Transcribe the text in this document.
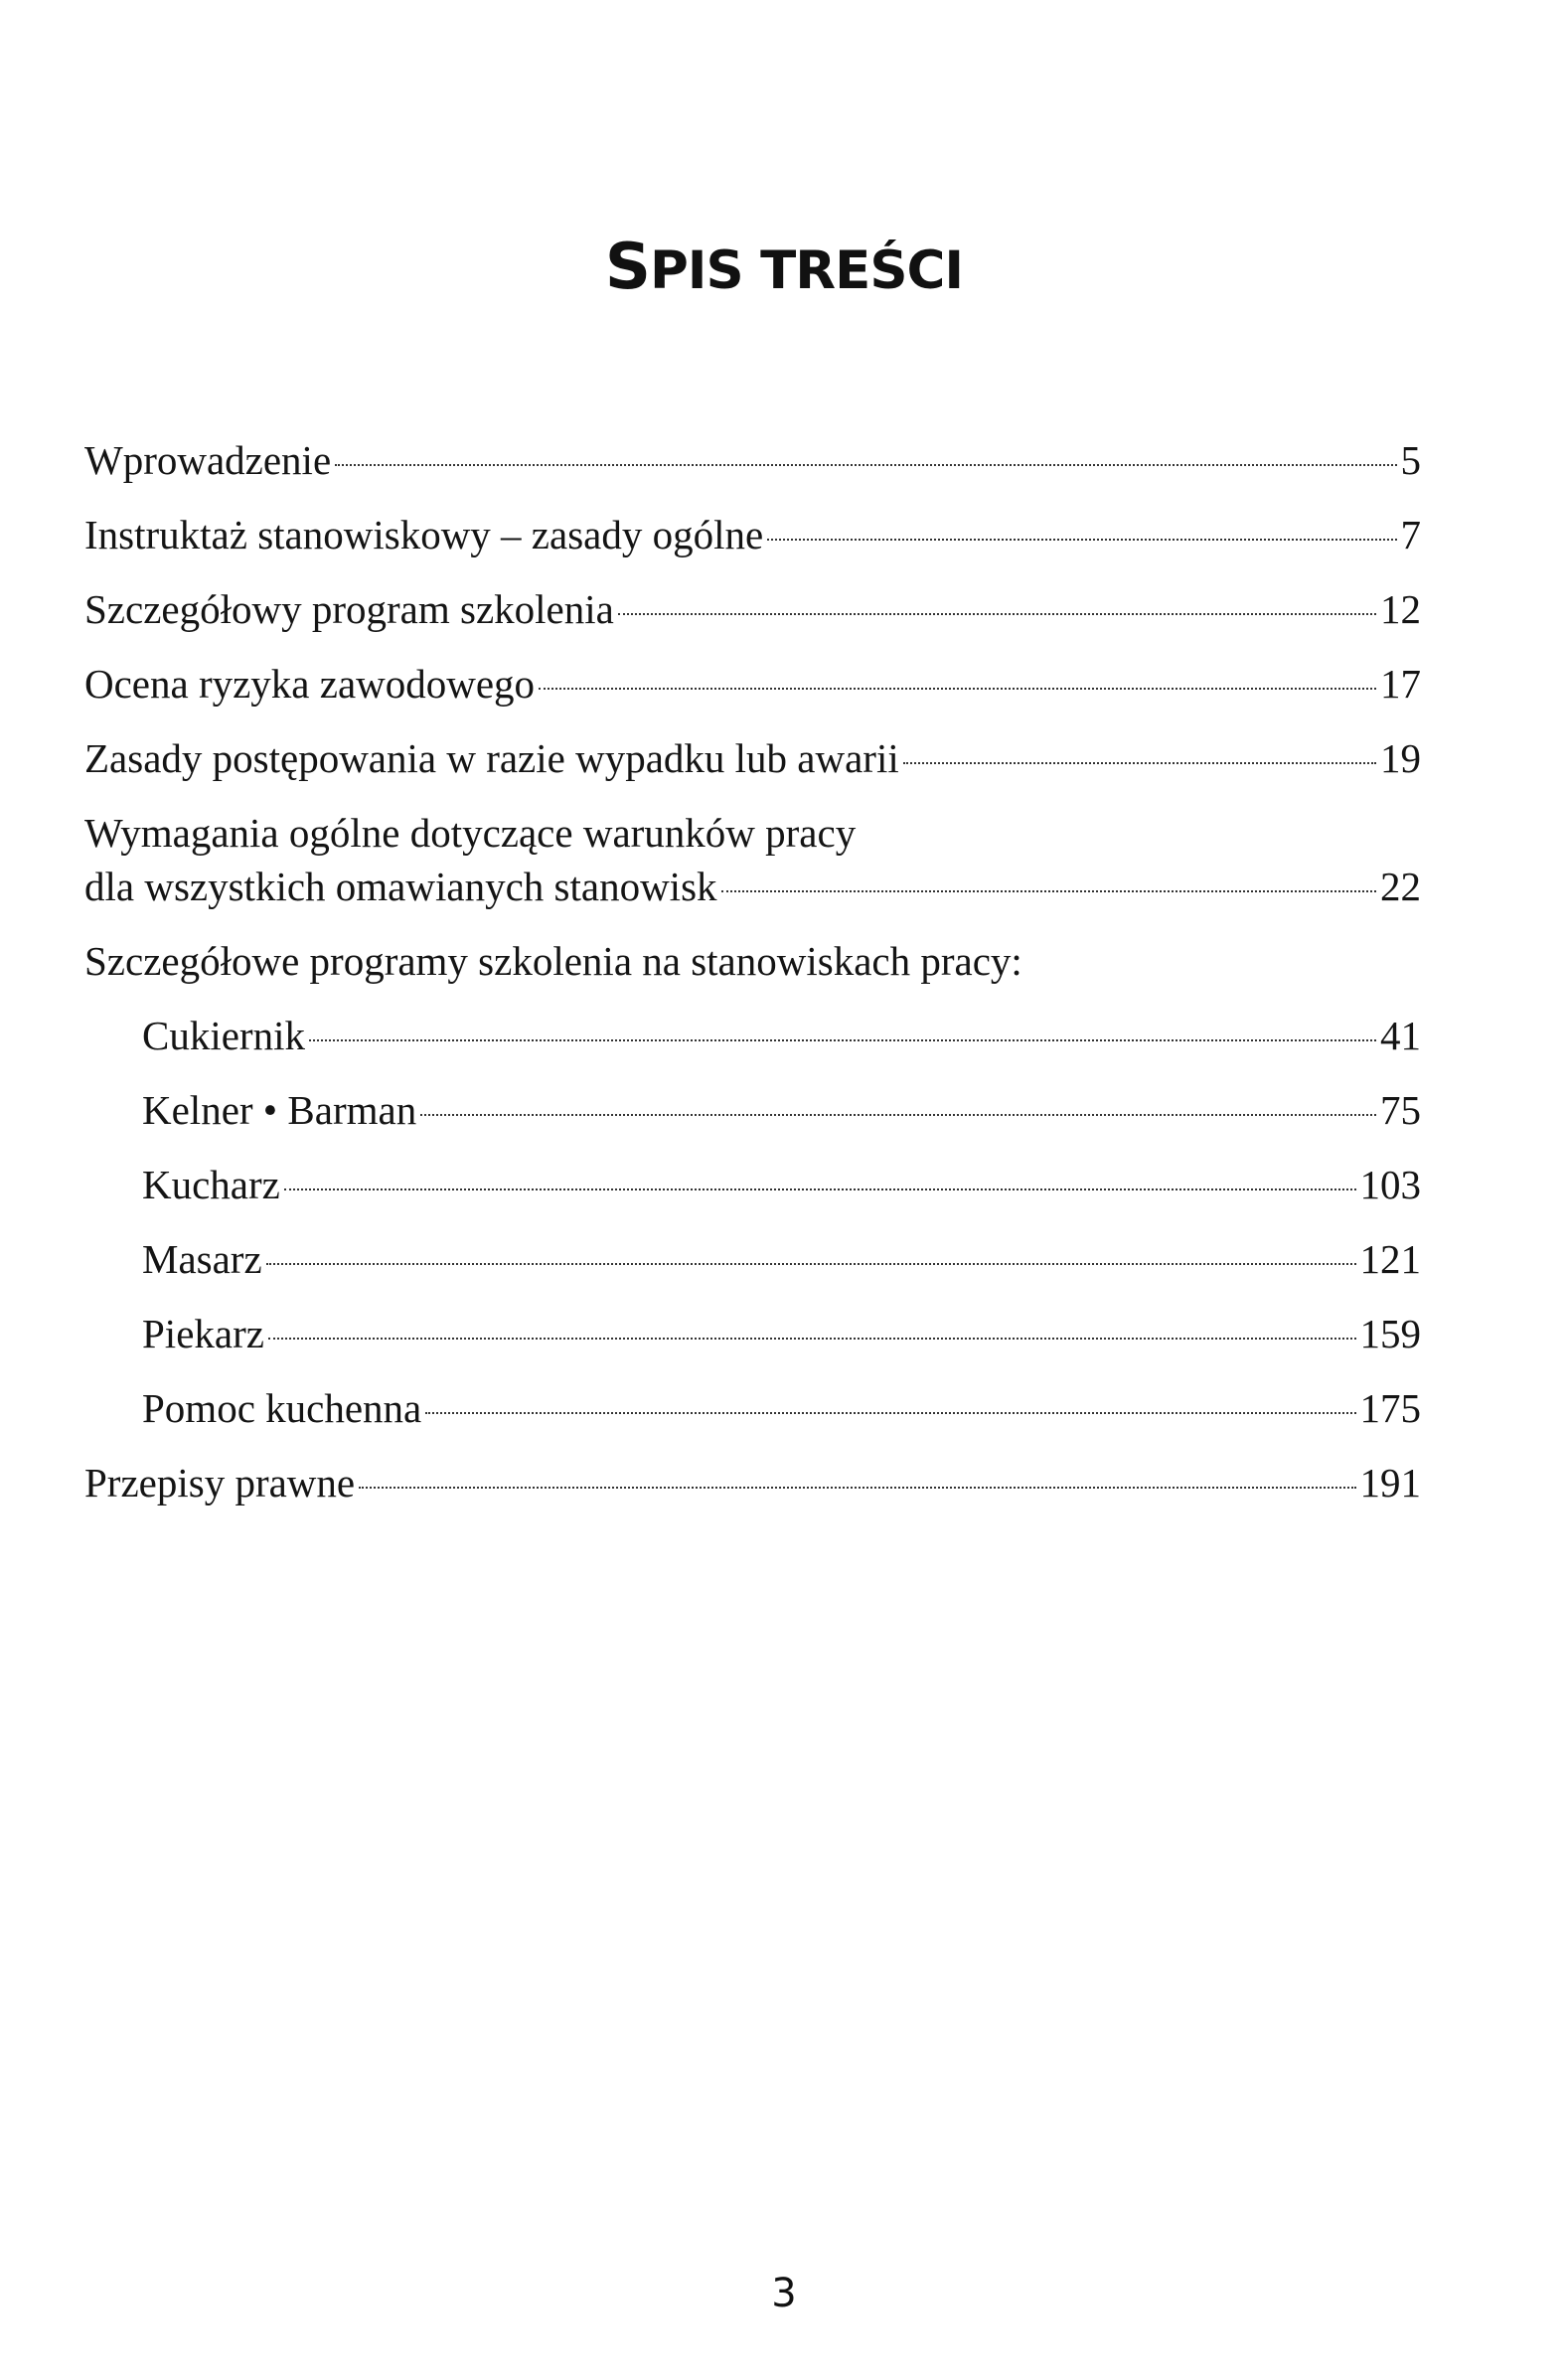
SPIS TREŚCI
Wprowadzenie	5
Instruktaż stanowiskowy – zasady ogólne	7
Szczegółowy program szkolenia	12
Ocena ryzyka zawodowego	17
Zasady postępowania w razie wypadku lub awarii	19
Wymagania ogólne dotyczące warunków pracy
dla wszystkich omawianych stanowisk	22
Szczegółowe programy szkolenia na stanowiskach pracy:
Cukiernik	41
Kelner • Barman	75
Kucharz	103
Masarz	121
Piekarz	159
Pomoc kuchenna	175
Przepisy prawne	191
3
